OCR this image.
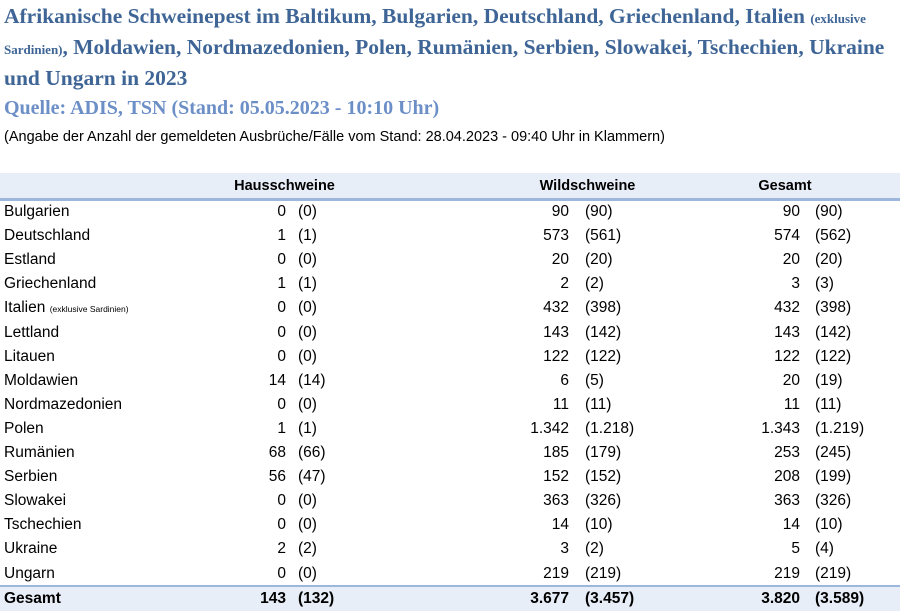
Afrikanische Schweinepest im Baltikum, Bulgarien, Deutschland, Griechenland, Italien (exklusive Sardinien), Moldawien, Nordmazedonien, Polen, Rumänien, Serbien, Slowakei, Tschechien, Ukraine und Ungarn in 2023
Quelle: ADIS, TSN (Stand: 05.05.2023 - 10:10 Uhr)
(Angabe der Anzahl der gemeldeten Ausbrüche/Fälle vom Stand: 28.04.2023 - 09:40 Uhr in Klammern)
Hausschweine	Wildschweine	Gesamt
Bulgarien	0 (0)	90 (90)	90 (90)
Deutschland	1 (1)	573 (561)	574 (562)
Estland	0 (0)	20 (20)	20 (20)
Griechenland	1 (1)	2 (2)	3 (3)
Italien (exklusive Sardinien)	0 (0)	432 (398)	432 (398)
Lettland	0 (0)	143 (142)	143 (142)
Litauen	0 (0)	122 (122)	122 (122)
Moldawien	14 (14)	6 (5)	20 (19)
Nordmazedonien	0 (0)	11 (11)	11 (11)
Polen	1 (1)	1.342 (1.218)	1.343 (1.219)
Rumänien	68 (66)	185 (179)	253 (245)
Serbien	56 (47)	152 (152)	208 (199)
Slowakei	0 (0)	363 (326)	363 (326)
Tschechien	0 (0)	14 (10)	14 (10)
Ukraine	2 (2)	3 (2)	5 (4)
Ungarn	0 (0)	219 (219)	219 (219)
Gesamt	143 (132)	3.677 (3.457)	3.820 (3.589)
